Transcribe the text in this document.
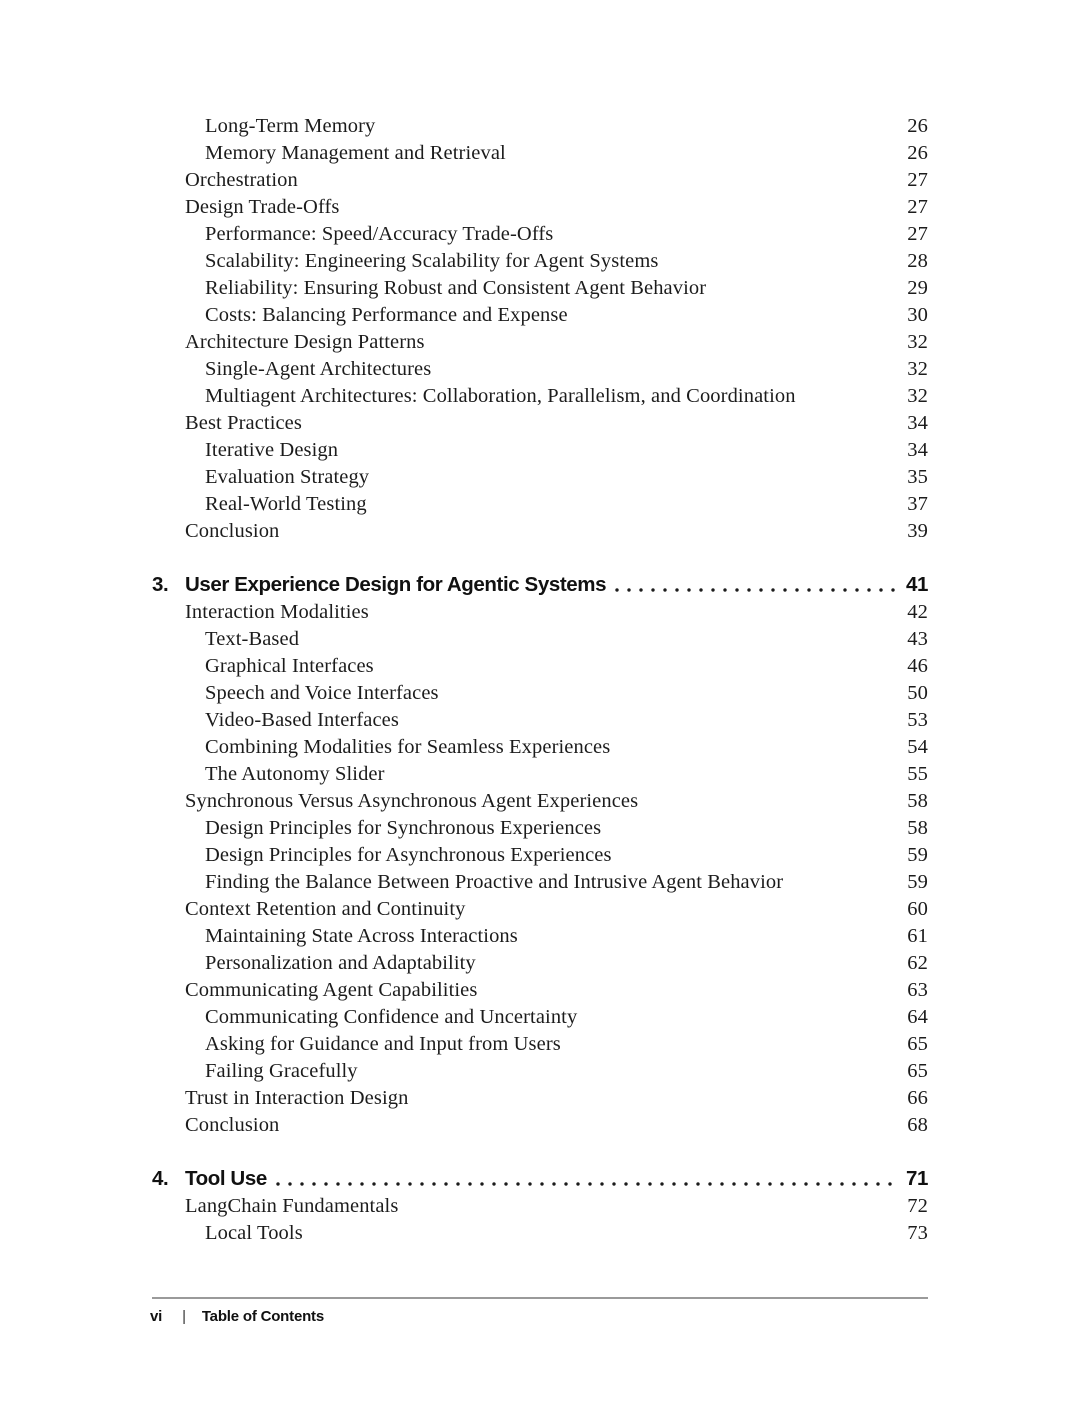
Long-Term Memory	26
Memory Management and Retrieval	26
Orchestration	27
Design Trade-Offs	27
Performance: Speed/Accuracy Trade-Offs	27
Scalability: Engineering Scalability for Agent Systems	28
Reliability: Ensuring Robust and Consistent Agent Behavior	29
Costs: Balancing Performance and Expense	30
Architecture Design Patterns	32
Single-Agent Architectures	32
Multiagent Architectures: Collaboration, Parallelism, and Coordination	32
Best Practices	34
Iterative Design	34
Evaluation Strategy	35
Real-World Testing	37
Conclusion	39
3. User Experience Design for Agentic Systems	41
Interaction Modalities	42
Text-Based	43
Graphical Interfaces	46
Speech and Voice Interfaces	50
Video-Based Interfaces	53
Combining Modalities for Seamless Experiences	54
The Autonomy Slider	55
Synchronous Versus Asynchronous Agent Experiences	58
Design Principles for Synchronous Experiences	58
Design Principles for Asynchronous Experiences	59
Finding the Balance Between Proactive and Intrusive Agent Behavior	59
Context Retention and Continuity	60
Maintaining State Across Interactions	61
Personalization and Adaptability	62
Communicating Agent Capabilities	63
Communicating Confidence and Uncertainty	64
Asking for Guidance and Input from Users	65
Failing Gracefully	65
Trust in Interaction Design	66
Conclusion	68
4. Tool Use	71
LangChain Fundamentals	72
Local Tools	73
vi | Table of Contents
